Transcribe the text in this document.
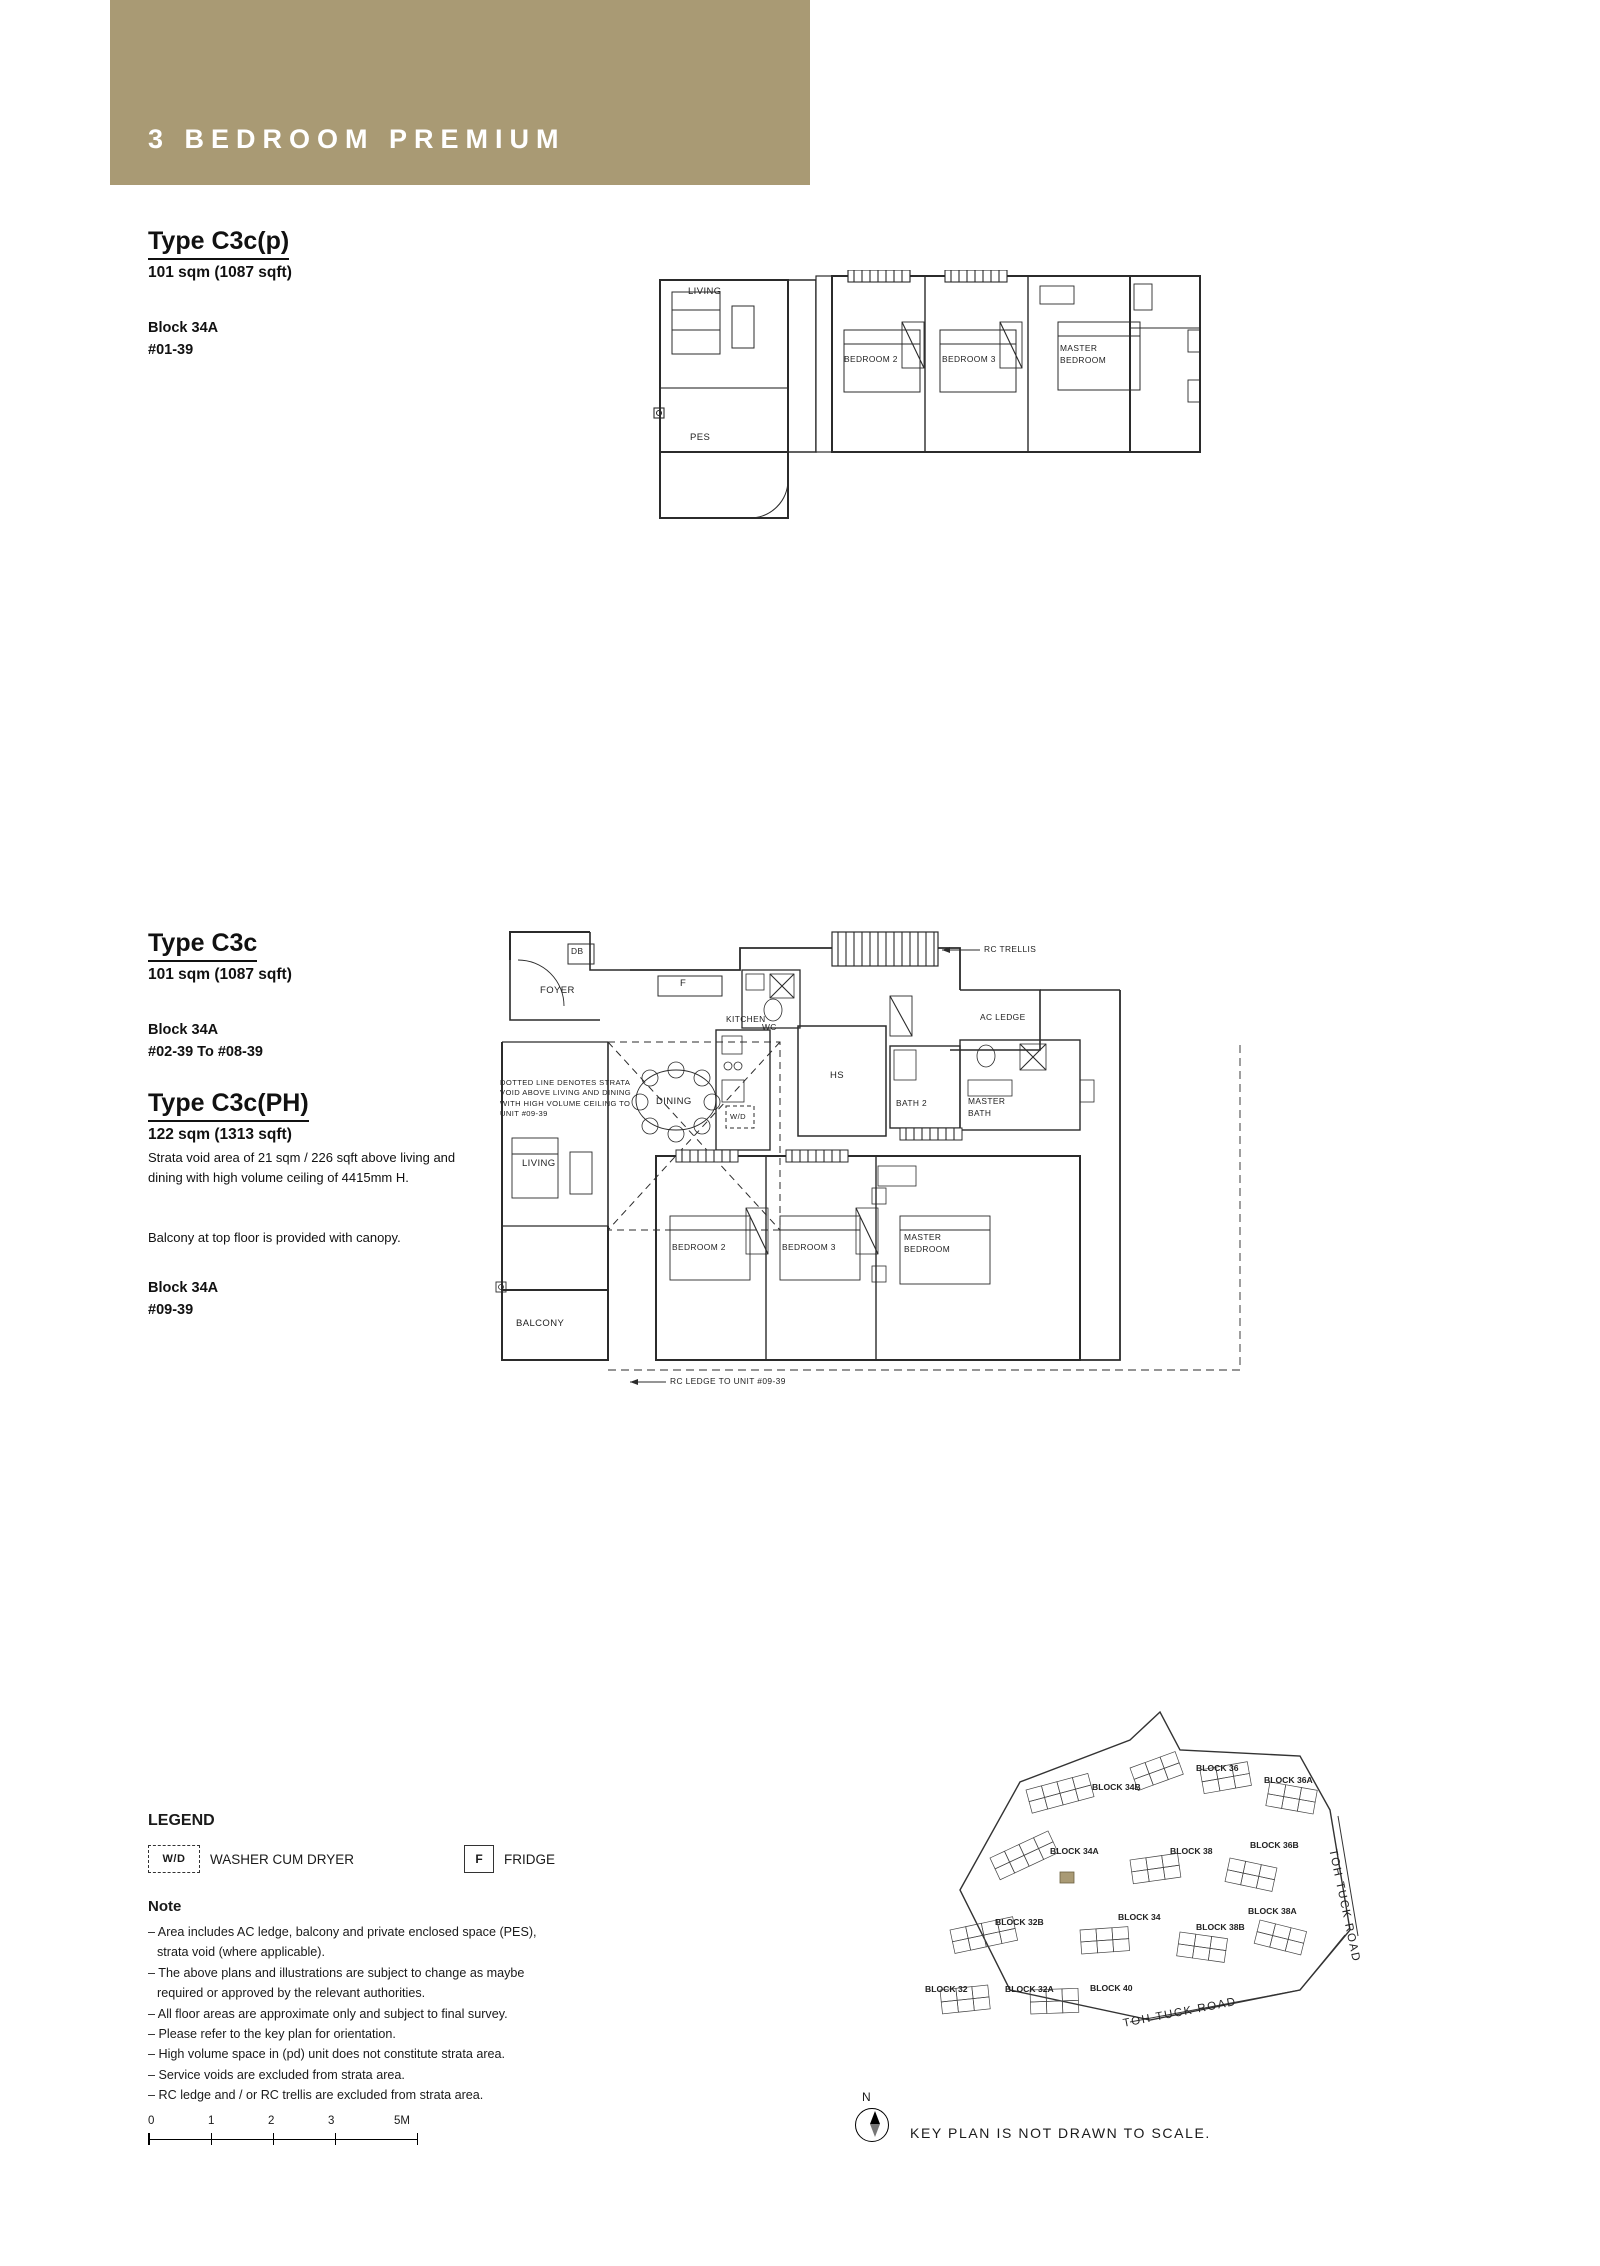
3 BEDROOM PREMIUM
Type C3c(p)
101 sqm (1087 sqft)
Block 34A
#01-39
LIVING
PES
BEDROOM 2	BEDROOM 3
MASTER
BEDROOM
Type C3c
101 sqm (1087 sqft)
Block 34A
#02-39 To #08-39
Type C3c(PH)
122 sqm (1313 sqft)
Strata void area of 21 sqm / 226 sqft above living and dining with high volume ceiling of 4415mm H.
Balcony at top floor is provided with canopy.
Block 34A
#09-39
DOTTED LINE DENOTES STRATA VOID ABOVE LIVING AND DINING WITH HIGH VOLUME CEILING TO UNIT #09-39
DB
FOYER
F
WC
KITCHEN
HS
DINING
W/D
BATH 2	MASTER
BATH
LIVING
BALCONY
BEDROOM 2	BEDROOM 3
MASTER
BEDROOM
RC TRELLIS
AC LEDGE
RC LEDGE TO UNIT #09-39
LEGEND
W/D	WASHER CUM DRYER	F	FRIDGE
Note
– Area includes AC ledge, balcony and private enclosed space (PES),
strata void (where applicable).
– The above plans and illustrations are subject to change as maybe
required or approved by the relevant authorities.
– All floor areas are approximate only and subject to final survey.
– Please refer to the key plan for orientation.
– High volume space in (pd) unit does not constitute strata area.
– Service voids are excluded from strata area.
– RC ledge and / or RC trellis are excluded from strata area.
0	1	2	3	5M
BLOCK 36
BLOCK 36A
BLOCK 34B
BLOCK 34A	BLOCK 38
BLOCK 36B
BLOCK 38A
BLOCK 32B	BLOCK 34
BLOCK 38B
BLOCK 32	BLOCK 32A	BLOCK 40
TOH TUCK ROAD
TOH TUCK ROAD
N
KEY PLAN IS NOT DRAWN TO SCALE.
